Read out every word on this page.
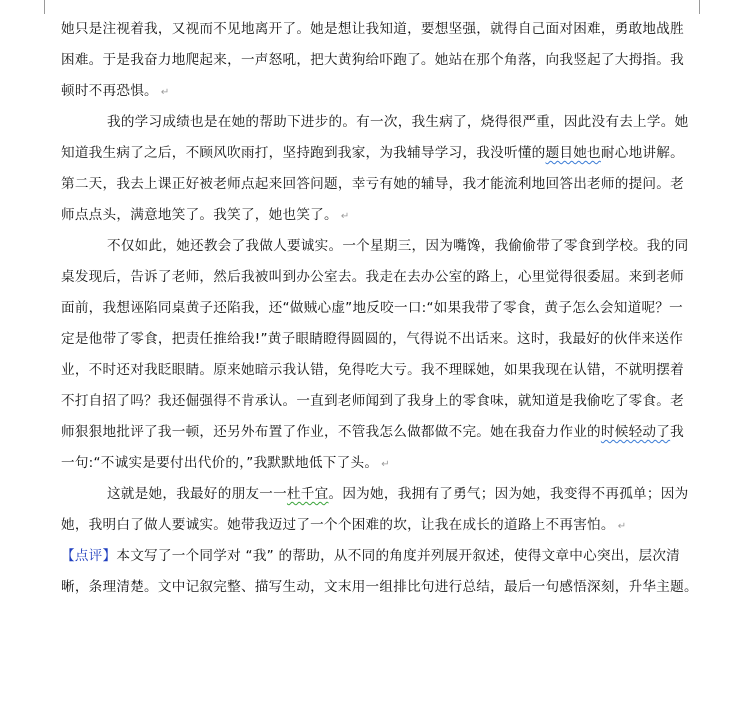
她只是注视着我，又视而不见地离开了。她是想让我知道，要想坚强，就得自己面对困难，勇敢地战胜
困难。于是我奋力地爬起来，一声怒吼，把大黄狗给吓跑了。她站在那个角落，向我竖起了大拇指。我
顿时不再恐惧。 ↵
我的学习成绩也是在她的帮助下进步的。有一次，我生病了，烧得很严重，因此没有去上学。她
知道我生病了之后，不顾风吹雨打，坚持跑到我家，为我辅导学习，我没听懂的题目她也耐心地讲解。
第二天，我去上课正好被老师点起来回答问题，幸亏有她的辅导，我才能流利地回答出老师的提问。老
师点点头，满意地笑了。我笑了，她也笑了。 ↵
不仅如此，她还教会了我做人要诚实。一个星期三，因为嘴馋，我偷偷带了零食到学校。我的同
桌发现后，告诉了老师，然后我被叫到办公室去。我走在去办公室的路上，心里觉得很委屈。来到老师
面前，我想诬陷同桌黄子还陷我，还“做贼心虚”地反咬一口:“如果我带了零食，黄子怎么会知道呢？一
定是他带了零食，把责任推给我!”黄子眼睛瞪得圆圆的，气得说不出话来。这时，我最好的伙伴来送作
业，不时还对我眨眼睛。原来她暗示我认错，免得吃大亏。我不理睬她，如果我现在认错，不就明摆着
不打自招了吗？我还倔强得不肯承认。一直到老师闻到了我身上的零食味，就知道是我偷吃了零食。老
师狠狠地批评了我一顿，还另外布置了作业，不管我怎么做都做不完。她在我奋力作业的时候轻动了我
一句:“不诚实是要付出代价的，”我默默地低下了头。 ↵
这就是她，我最好的朋友一一杜千宜。因为她，我拥有了勇气；因为她，我变得不再孤单；因为
她，我明白了做人要诚实。她带我迈过了一个个困难的坎，让我在成长的道路上不再害怕。 ↵
【点评】本文写了一个同学对 “我” 的帮助，从不同的角度并列展开叙述，使得文章中心突出，层次清
晰，条理清楚。文中记叙完整、描写生动，文末用一组排比句进行总结，最后一句感悟深刻，升华主题。
